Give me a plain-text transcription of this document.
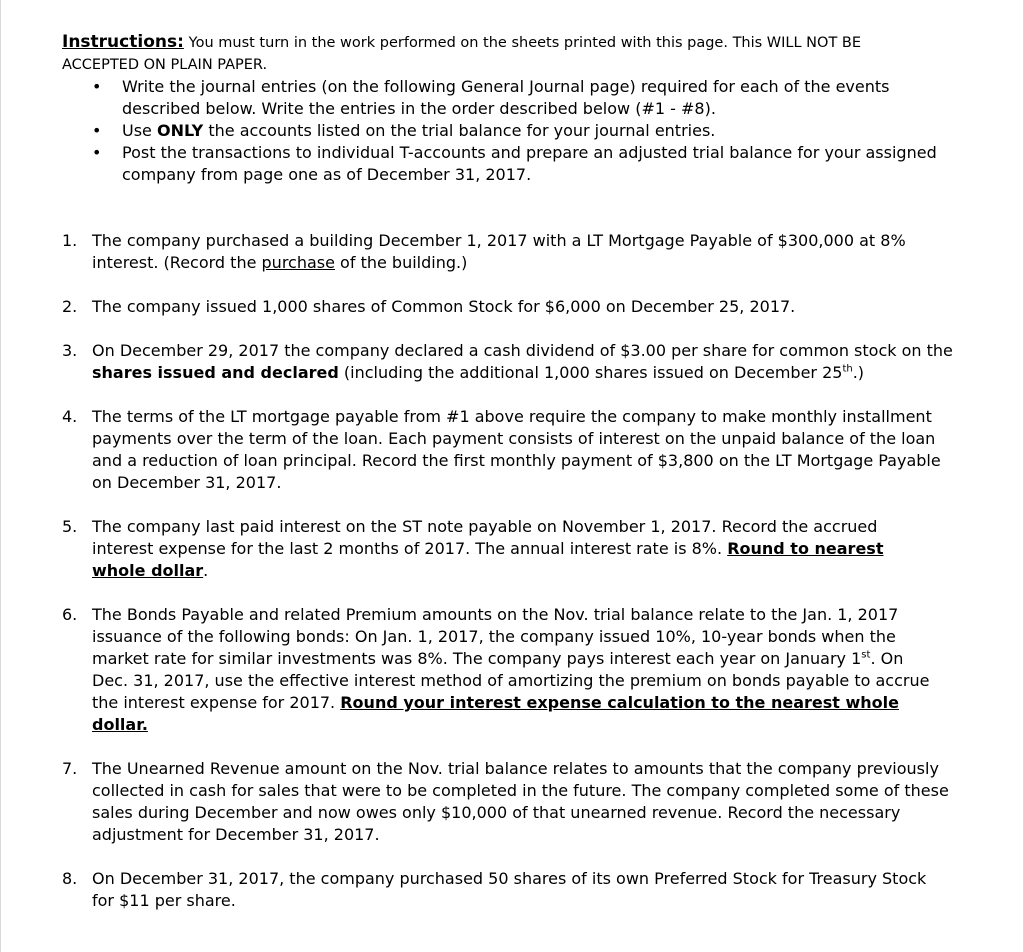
Instructions: You must turn in the work performed on the sheets printed with this page. This WILL NOT BE
ACCEPTED ON PLAIN PAPER.
• Write the journal entries (on the following General Journal page) required for each of the events
described below. Write the entries in the order described below (#1 - #8).
• Use ONLY the accounts listed on the trial balance for your journal entries.
• Post the transactions to individual T-accounts and prepare an adjusted trial balance for your assigned
company from page one as of December 31, 2017.
1. The company purchased a building December 1, 2017 with a LT Mortgage Payable of $300,000 at 8%
interest. (Record the purchase of the building.)
2. The company issued 1,000 shares of Common Stock for $6,000 on December 25, 2017.
3. On December 29, 2017 the company declared a cash dividend of $3.00 per share for common stock on the
shares issued and declared (including the additional 1,000 shares issued on December 25th.)
4. The terms of the LT mortgage payable from #1 above require the company to make monthly installment
payments over the term of the loan. Each payment consists of interest on the unpaid balance of the loan
and a reduction of loan principal. Record the first monthly payment of $3,800 on the LT Mortgage Payable
on December 31, 2017.
5. The company last paid interest on the ST note payable on November 1, 2017. Record the accrued
interest expense for the last 2 months of 2017. The annual interest rate is 8%. Round to nearest
whole dollar.
6. The Bonds Payable and related Premium amounts on the Nov. trial balance relate to the Jan. 1, 2017
issuance of the following bonds: On Jan. 1, 2017, the company issued 10%, 10-year bonds when the
market rate for similar investments was 8%. The company pays interest each year on January 1st. On
Dec. 31, 2017, use the effective interest method of amortizing the premium on bonds payable to accrue
the interest expense for 2017. Round your interest expense calculation to the nearest whole
dollar.
7. The Unearned Revenue amount on the Nov. trial balance relates to amounts that the company previously
collected in cash for sales that were to be completed in the future. The company completed some of these
sales during December and now owes only $10,000 of that unearned revenue. Record the necessary
adjustment for December 31, 2017.
8. On December 31, 2017, the company purchased 50 shares of its own Preferred Stock for Treasury Stock
for $11 per share.
